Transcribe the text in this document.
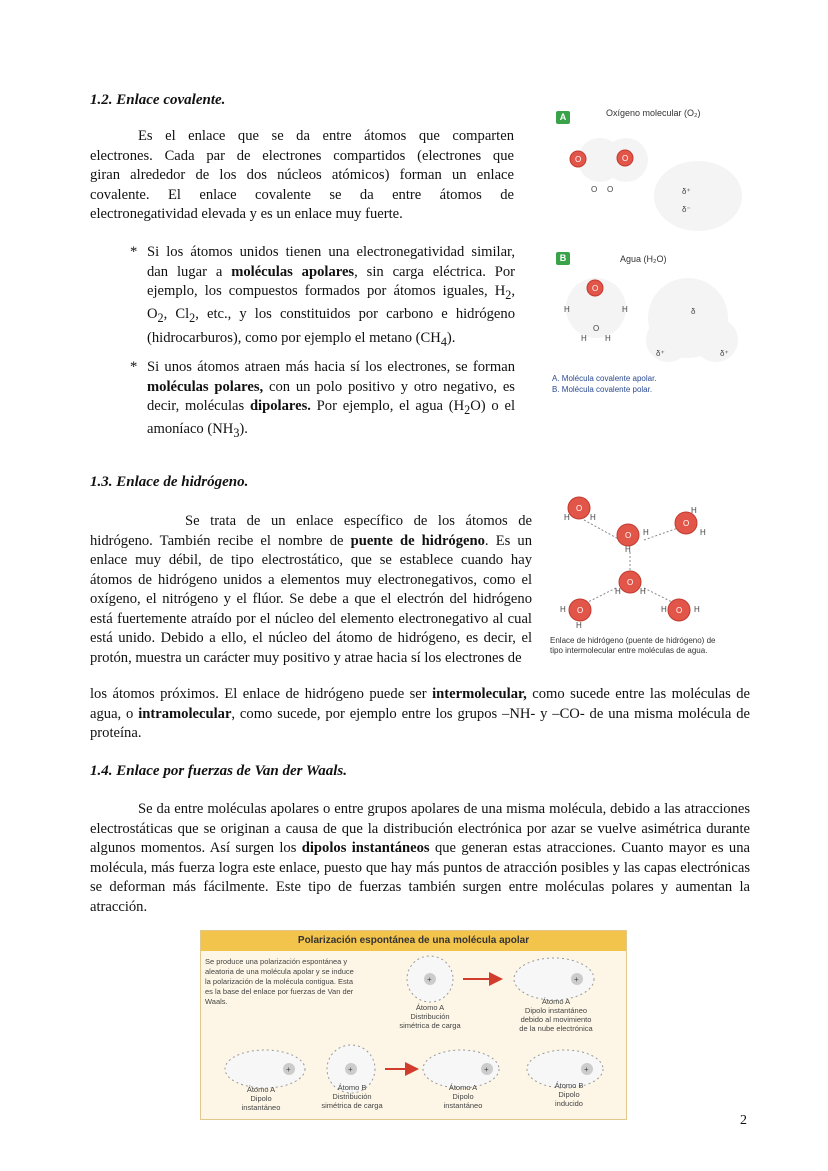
1.2. Enlace covalente.
Es el enlace que se da entre átomos que comparten
electrones. Cada par de electrones compartidos (electrones que
giran alrededor de los dos núcleos atómicos) forman un enlace
covalente. El enlace covalente se da entre átomos de
electronegatividad elevada y es un enlace muy fuerte.
* Si los átomos unidos tienen una electronegatividad similar, dan lugar a moléculas apolares, sin carga eléctrica. Por ejemplo, los compuestos formados por átomos iguales, $H_2$, $O_2$, $Cl_2$, etc., y los constituidos por carbono e hidrógeno (hidrocarburos), como por ejemplo el metano $(CH_4)$.
* Si unos átomos atraen más hacia sí los electrones, se forman moléculas polares, con un polo positivo y otro negativo, es decir, moléculas dipolares. Por ejemplo, el agua $(H_2O)$ o el amoníaco $(NH_3)$.
A	Oxígeno molecular (O₂)
O	O
O O	δ⁺
δ⁻
B	Agua (H₂O)
O
H	H
O
H H
δ
δ⁺	δ⁺
A. Molécula covalente apolar.
B. Molécula covalente polar.
1.3. Enlace de hidrógeno.
Se trata de un enlace específico de los átomos de hidrógeno. También recibe el nombre de puente de hidrógeno. Es un enlace muy débil, de tipo electrostático, que se establece cuando hay átomos de hidrógeno unidos a elementos muy electronegativos, como el oxígeno, el nitrógeno y el flúor. Se debe a que el electrón del hidrógeno está fuertemente atraído por el núcleo del elemento electronegativo al cual está unido. Debido a ello, el núcleo del átomo de hidrógeno, es decir, el protón, muestra un carácter muy positivo y atrae hacia sí los electrones de
los átomos próximos. El enlace de hidrógeno puede ser intermolecular, como sucede entre las moléculas de agua, o intramolecular, como sucede, por ejemplo entre los grupos –NH- y –CO- de una misma molécula de proteína.
O
O
O
O
O	O
H	H
H
H
H
H
H H
H
H
H	H
Enlace de hidrógeno (puente de hidrógeno) de tipo intermolecular entre moléculas de agua.
1.4. Enlace por fuerzas de Van der Waals.
Se da entre moléculas apolares o entre grupos apolares de una misma molécula, debido a las atracciones electrostáticas que se originan a causa de que la distribución electrónica por azar se vuelve asimétrica durante algunos momentos. Así surgen los dipolos instantáneos que generan estas atracciones. Cuanto mayor es una molécula, más fuerza logra este enlace, puesto que hay más puntos de atracción posibles y las capas electrónicas se deforman más fácilmente. Este tipo de fuerzas también surgen entre moléculas polares y aumentan la atracción.
Polarización espontánea de una molécula apolar
Se produce una polarización espontánea y aleatoria de una molécula apolar y se induce la polarización de la molécula contigua. Esta es la base del enlace por fuerzas de Van der Waals.
+	+
+	+	+	+
Átomo A
Distribución
simétrica de carga
Átomo A
Dipolo instantáneo
debido al movimiento
de la nube electrónica
Átomo A
Dipolo
instantáneo
Átomo B
Distribución
simétrica de carga
Átomo A
Dipolo
instantáneo
Átomo B
Dipolo
inducido
2
